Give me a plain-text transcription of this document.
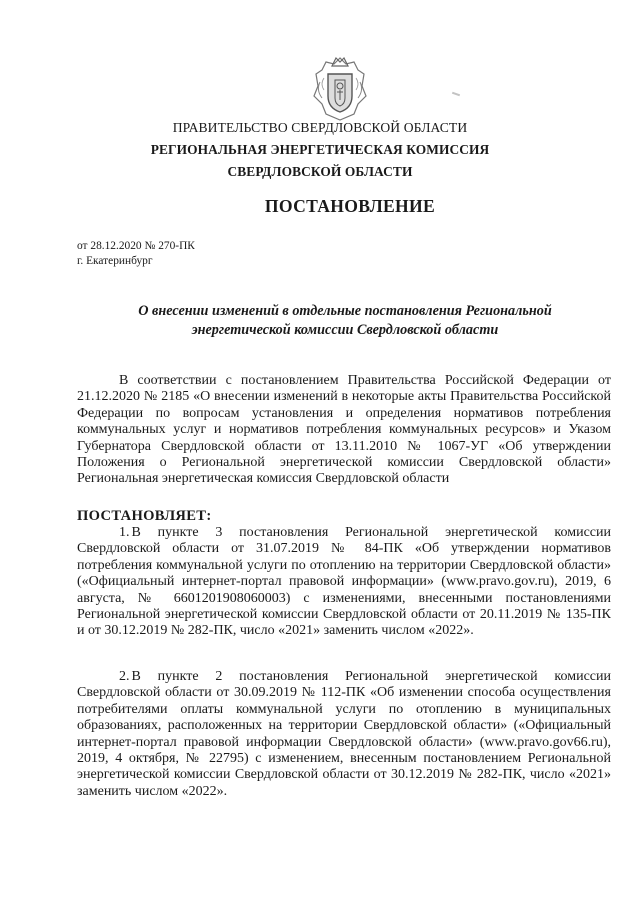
ПРАВИТЕЛЬСТВО СВЕРДЛОВСКОЙ ОБЛАСТИ
РЕГИОНАЛЬНАЯ ЭНЕРГЕТИЧЕСКАЯ КОМИССИЯ
СВЕРДЛОВСКОЙ ОБЛАСТИ
ПОСТАНОВЛЕНИЕ
от 28.12.2020 № 270-ПК
г. Екатеринбург
О внесении изменений в отдельные постановления Региональной энергетической комиссии Свердловской области

В соответствии с постановлением Правительства Российской Федерации от 21.12.2020 № 2185 «О внесении изменений в некоторые акты Правительства Российской Федерации по вопросам установления и определения нормативов потребления коммунальных услуг и нормативов потребления коммунальных ресурсов» и Указом Губернатора Свердловской области от 13.11.2010 № 1067-УГ «Об утверждении Положения о Региональной энергетической комиссии Свердловской области» Региональная энергетическая комиссия Свердловской области

ПОСТАНОВЛЯЕТ:

1. В пункте 3 постановления Региональной энергетической комиссии Свердловской области от 31.07.2019 № 84-ПК «Об утверждении нормативов потребления коммунальной услуги по отоплению на территории Свердловской области» («Официальный интернет-портал правовой информации» (www.pravo.gov.ru), 2019, 6 августа, № 6601201908060003) с изменениями, внесенными постановлениями Региональной энергетической комиссии Свердловской области от 20.11.2019 № 135-ПК и от 30.12.2019 № 282-ПК, число «2021» заменить числом «2022».

2. В пункте 2 постановления Региональной энергетической комиссии Свердловской области от 30.09.2019 № 112-ПК «Об изменении способа осуществления потребителями оплаты коммунальной услуги по отоплению в муниципальных образованиях, расположенных на территории Свердловской области» («Официальный интернет-портал правовой информации Свердловской области» (www.pravo.gov66.ru), 2019, 4 октября, № 22795) с изменением, внесенным постановлением Региональной энергетической комиссии Свердловской области от 30.12.2019 № 282-ПК, число «2021» заменить числом «2022».
